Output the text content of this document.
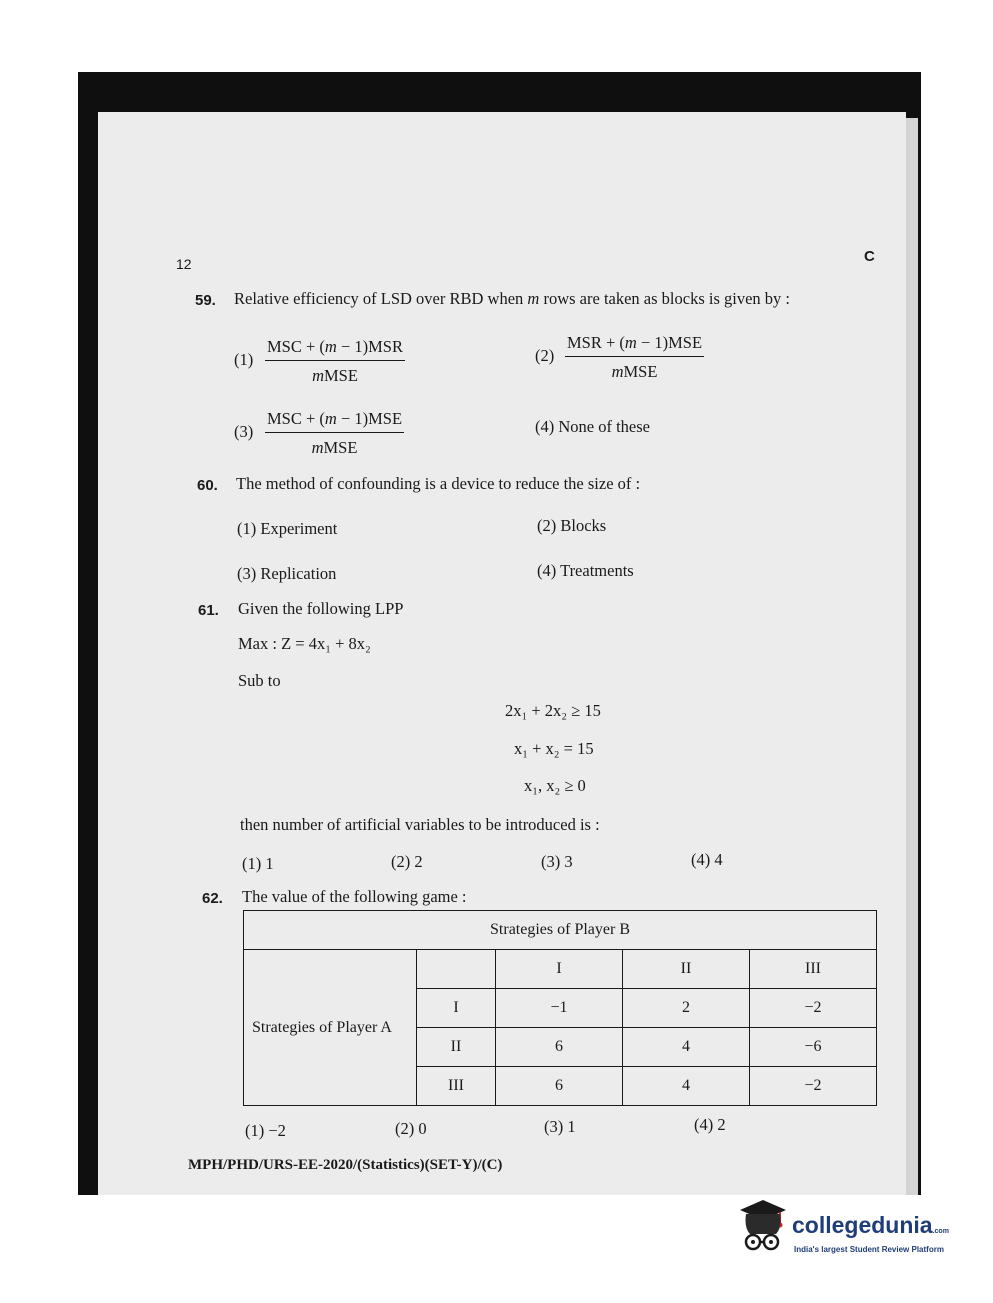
12	C
59. Relative efficiency of LSD over RBD when m rows are taken as blocks is given by :
(1)
MSC + (m − 1)MSR
mMSE
(2)
MSR + (m − 1)MSE
mMSE
(3)
MSC + (m − 1)MSE
mMSE
(4) None of these
60. The method of confounding is a device to reduce the size of :
(1) Experiment	(2) Blocks
(3) Replication	(4) Treatments
61. Given the following LPP
Max : Z = 4x₁ + 8x₂
Sub to
2x₁ + 2x₂ ≥ 15
x₁ + x₂ = 15
x₁, x₂ ≥ 0
then number of artificial variables to be introduced is :
(1) 1	(2) 2	(3) 3	(4) 4
62. The value of the following game :
Strategies of Player B				
Strategies of Player A		I	II	III
	I	−1	2	−2
	II	6	4	−6
	III	6	4	−2
(1) −2	(2) 0	(3) 1	(4) 2
MPH/PHD/URS-EE-2020/(Statistics)(SET-Y)/(C)
collegedunia.com
India's largest Student Review Platform
